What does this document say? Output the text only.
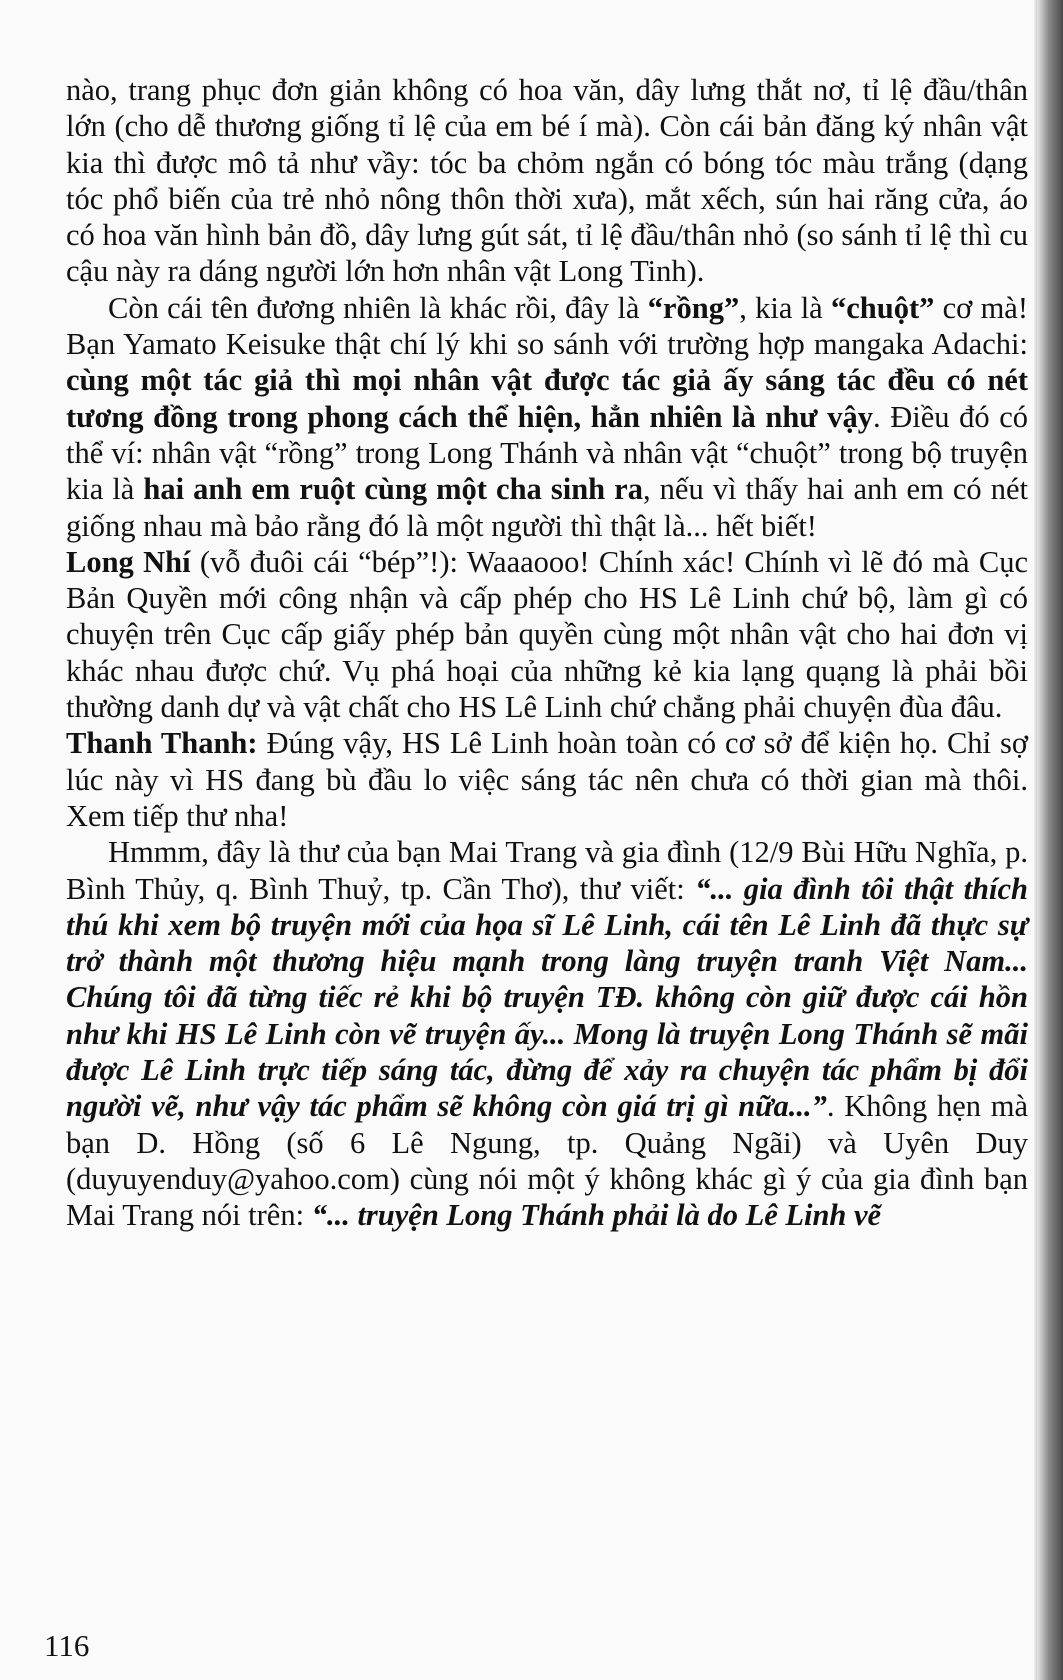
nào, trang phục đơn giản không có hoa văn, dây lưng thắt nơ, tỉ lệ đầu/thân lớn (cho dễ thương giống tỉ lệ của em bé í mà). Còn cái bản đăng ký nhân vật kia thì được mô tả như vầy: tóc ba chỏm ngắn có bóng tóc màu trắng (dạng tóc phổ biến của trẻ nhỏ nông thôn thời xưa), mắt xếch, sún hai răng cửa, áo có hoa văn hình bản đồ, dây lưng gút sát, tỉ lệ đầu/thân nhỏ (so sánh tỉ lệ thì cu cậu này ra dáng người lớn hơn nhân vật Long Tinh).

Còn cái tên đương nhiên là khác rồi, đây là “rồng”, kia là “chuột” cơ mà! Bạn Yamato Keisuke thật chí lý khi so sánh với trường hợp mangaka Adachi: cùng một tác giả thì mọi nhân vật được tác giả ấy sáng tác đều có nét tương đồng trong phong cách thể hiện, hẳn nhiên là như vậy. Điều đó có thể ví: nhân vật “rồng” trong Long Thánh và nhân vật “chuột” trong bộ truyện kia là hai anh em ruột cùng một cha sinh ra, nếu vì thấy hai anh em có nét giống nhau mà bảo rằng đó là một người thì thật là... hết biết!

Long Nhí (vỗ đuôi cái “bép”!): Waaaooo! Chính xác! Chính vì lẽ đó mà Cục Bản Quyền mới công nhận và cấp phép cho HS Lê Linh chứ bộ, làm gì có chuyện trên Cục cấp giấy phép bản quyền cùng một nhân vật cho hai đơn vị khác nhau được chứ. Vụ phá hoại của những kẻ kia lạng quạng là phải bồi thường danh dự và vật chất cho HS Lê Linh chứ chẳng phải chuyện đùa đâu.

Thanh Thanh: Đúng vậy, HS Lê Linh hoàn toàn có cơ sở để kiện họ. Chỉ sợ lúc này vì HS đang bù đầu lo việc sáng tác nên chưa có thời gian mà thôi. Xem tiếp thư nha!

Hmmm, đây là thư của bạn Mai Trang và gia đình (12/9 Bùi Hữu Nghĩa, p. Bình Thủy, q. Bình Thuỷ, tp. Cần Thơ), thư viết: “... gia đình tôi thật thích thú khi xem bộ truyện mới của họa sĩ Lê Linh, cái tên Lê Linh đã thực sự trở thành một thương hiệu mạnh trong làng truyện tranh Việt Nam... Chúng tôi đã từng tiếc rẻ khi bộ truyện TĐ. không còn giữ được cái hồn như khi HS Lê Linh còn vẽ truyện ấy... Mong là truyện Long Thánh sẽ mãi được Lê Linh trực tiếp sáng tác, đừng để xảy ra chuyện tác phẩm bị đổi người vẽ, như vậy tác phẩm sẽ không còn giá trị gì nữa...”. Không hẹn mà bạn D. Hồng (số 6 Lê Ngung, tp. Quảng Ngãi) và Uyên Duy (duyuyenduy@yahoo.com) cùng nói một ý không khác gì ý của gia đình bạn Mai Trang nói trên: “... truyện Long Thánh phải là do Lê Linh vẽ

116
